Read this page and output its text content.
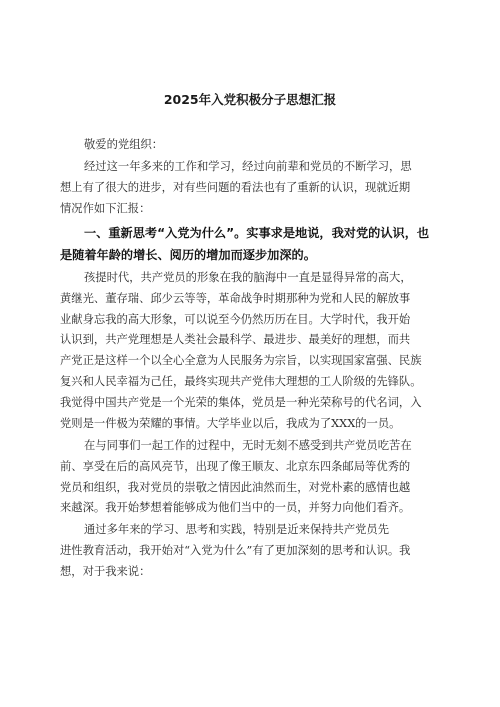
2025年入党积极分子思想汇报
敬爱的党组织：
经过这一年多来的工作和学习，经过向前辈和党员的不断学习，思
想上有了很大的进步，对有些问题的看法也有了重新的认识，现就近期
情况作如下汇报：
一、重新思考“入党为什么”。实事求是地说，我对党的认识，也
是随着年龄的增长、阅历的增加而逐步加深的。
孩提时代，共产党员的形象在我的脑海中一直是显得异常的高大，
黄继光、董存瑞、邱少云等等，革命战争时期那种为党和人民的解放事
业献身忘我的高大形象，可以说至今仍然历历在目。大学时代，我开始
认识到，共产党理想是人类社会最科学、最进步、最美好的理想，而共
产党正是这样一个以全心全意为人民服务为宗旨，以实现国家富强、民族
复兴和人民幸福为己任，最终实现共产党伟大理想的工人阶级的先锋队。
我觉得中国共产党是一个光荣的集体，党员是一种光荣称号的代名词，入
党则是一件极为荣耀的事情。大学毕业以后，我成为了XXX的一员。
在与同事们一起工作的过程中，无时无刻不感受到共产党员吃苦在
前、享受在后的高风亮节，出现了像王顺友、北京东四条邮局等优秀的
党员和组织，我对党员的崇敬之情因此油然而生，对党朴素的感情也越
来越深。我开始梦想着能够成为他们当中的一员，并努力向他们看齐。
通过多年来的学习、思考和实践，特别是近来保持共产党员先
进性教育活动，我开始对“入党为什么”有了更加深刻的思考和认识。我
想，对于我来说：
